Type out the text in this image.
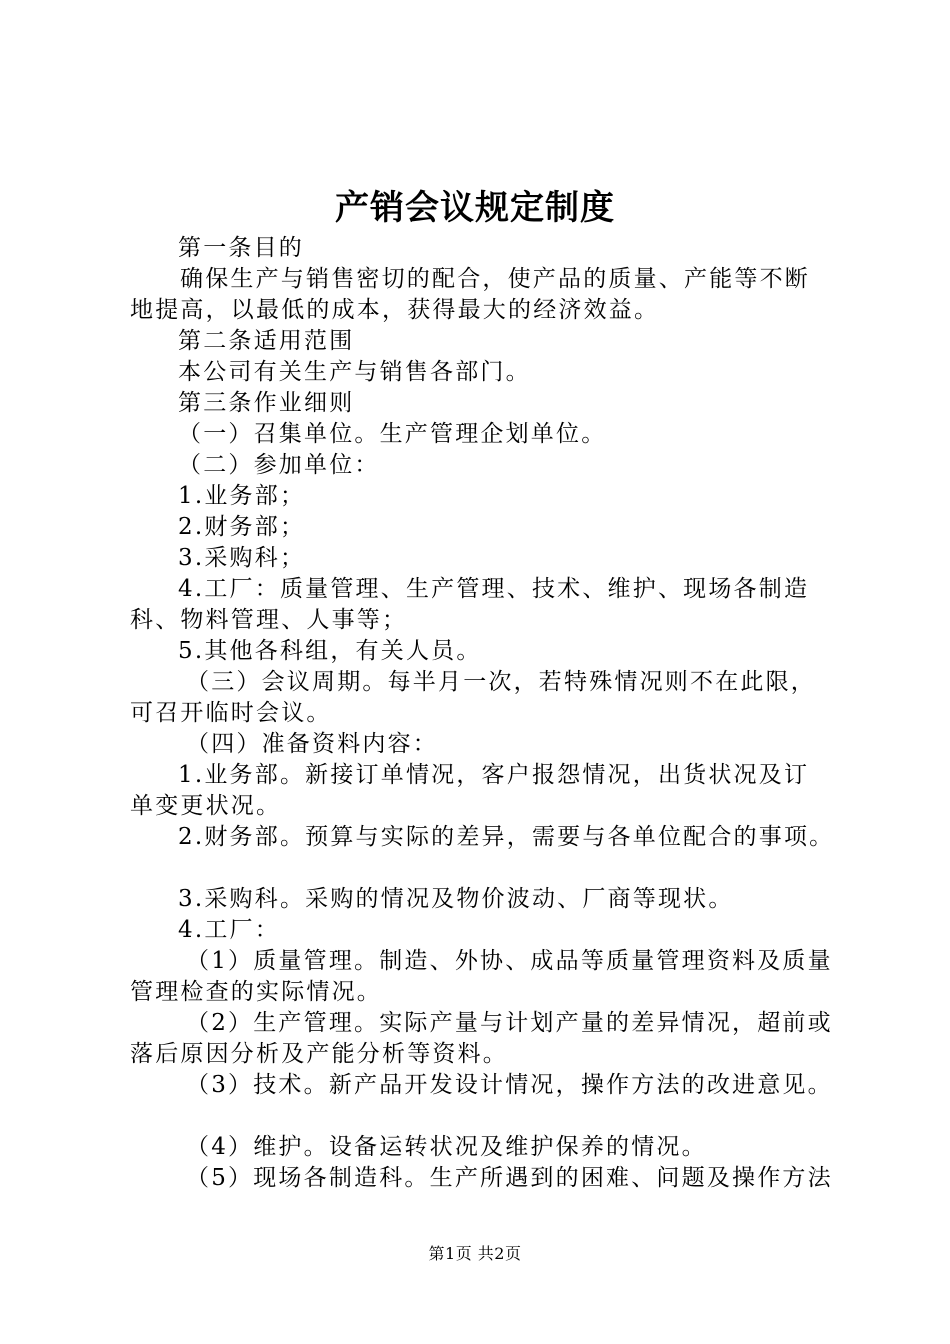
产销会议规定制度

第一条目的

确保生产与销售密切的配合，使产品的质量、产能等不断

地提高，以最低的成本，获得最大的经济效益。

第二条适用范围

本公司有关生产与销售各部门。

第三条作业细则

（一）召集单位。生产管理企划单位。

（二）参加单位：

1.业务部；

2.财务部；

3.采购科；

4.工厂：质量管理、生产管理、技术、维护、现场各制造

科、物料管理、人事等；

5.其他各科组，有关人员。

（三）会议周期。每半月一次，若特殊情况则不在此限，

可召开临时会议。

（四）准备资料内容：

1.业务部。新接订单情况，客户报怨情况，出货状况及订

单变更状况。

2.财务部。预算与实际的差异，需要与各单位配合的事项。

3.采购科。采购的情况及物价波动、厂商等现状。

4.工厂：

（1）质量管理。制造、外协、成品等质量管理资料及质量

管理检查的实际情况。

（2）生产管理。实际产量与计划产量的差异情况，超前或

落后原因分析及产能分析等资料。

（3）技术。新产品开发设计情况，操作方法的改进意见。

（4）维护。设备运转状况及维护保养的情况。

（5）现场各制造科。生产所遇到的困难、问题及操作方法

第1页 共2页
